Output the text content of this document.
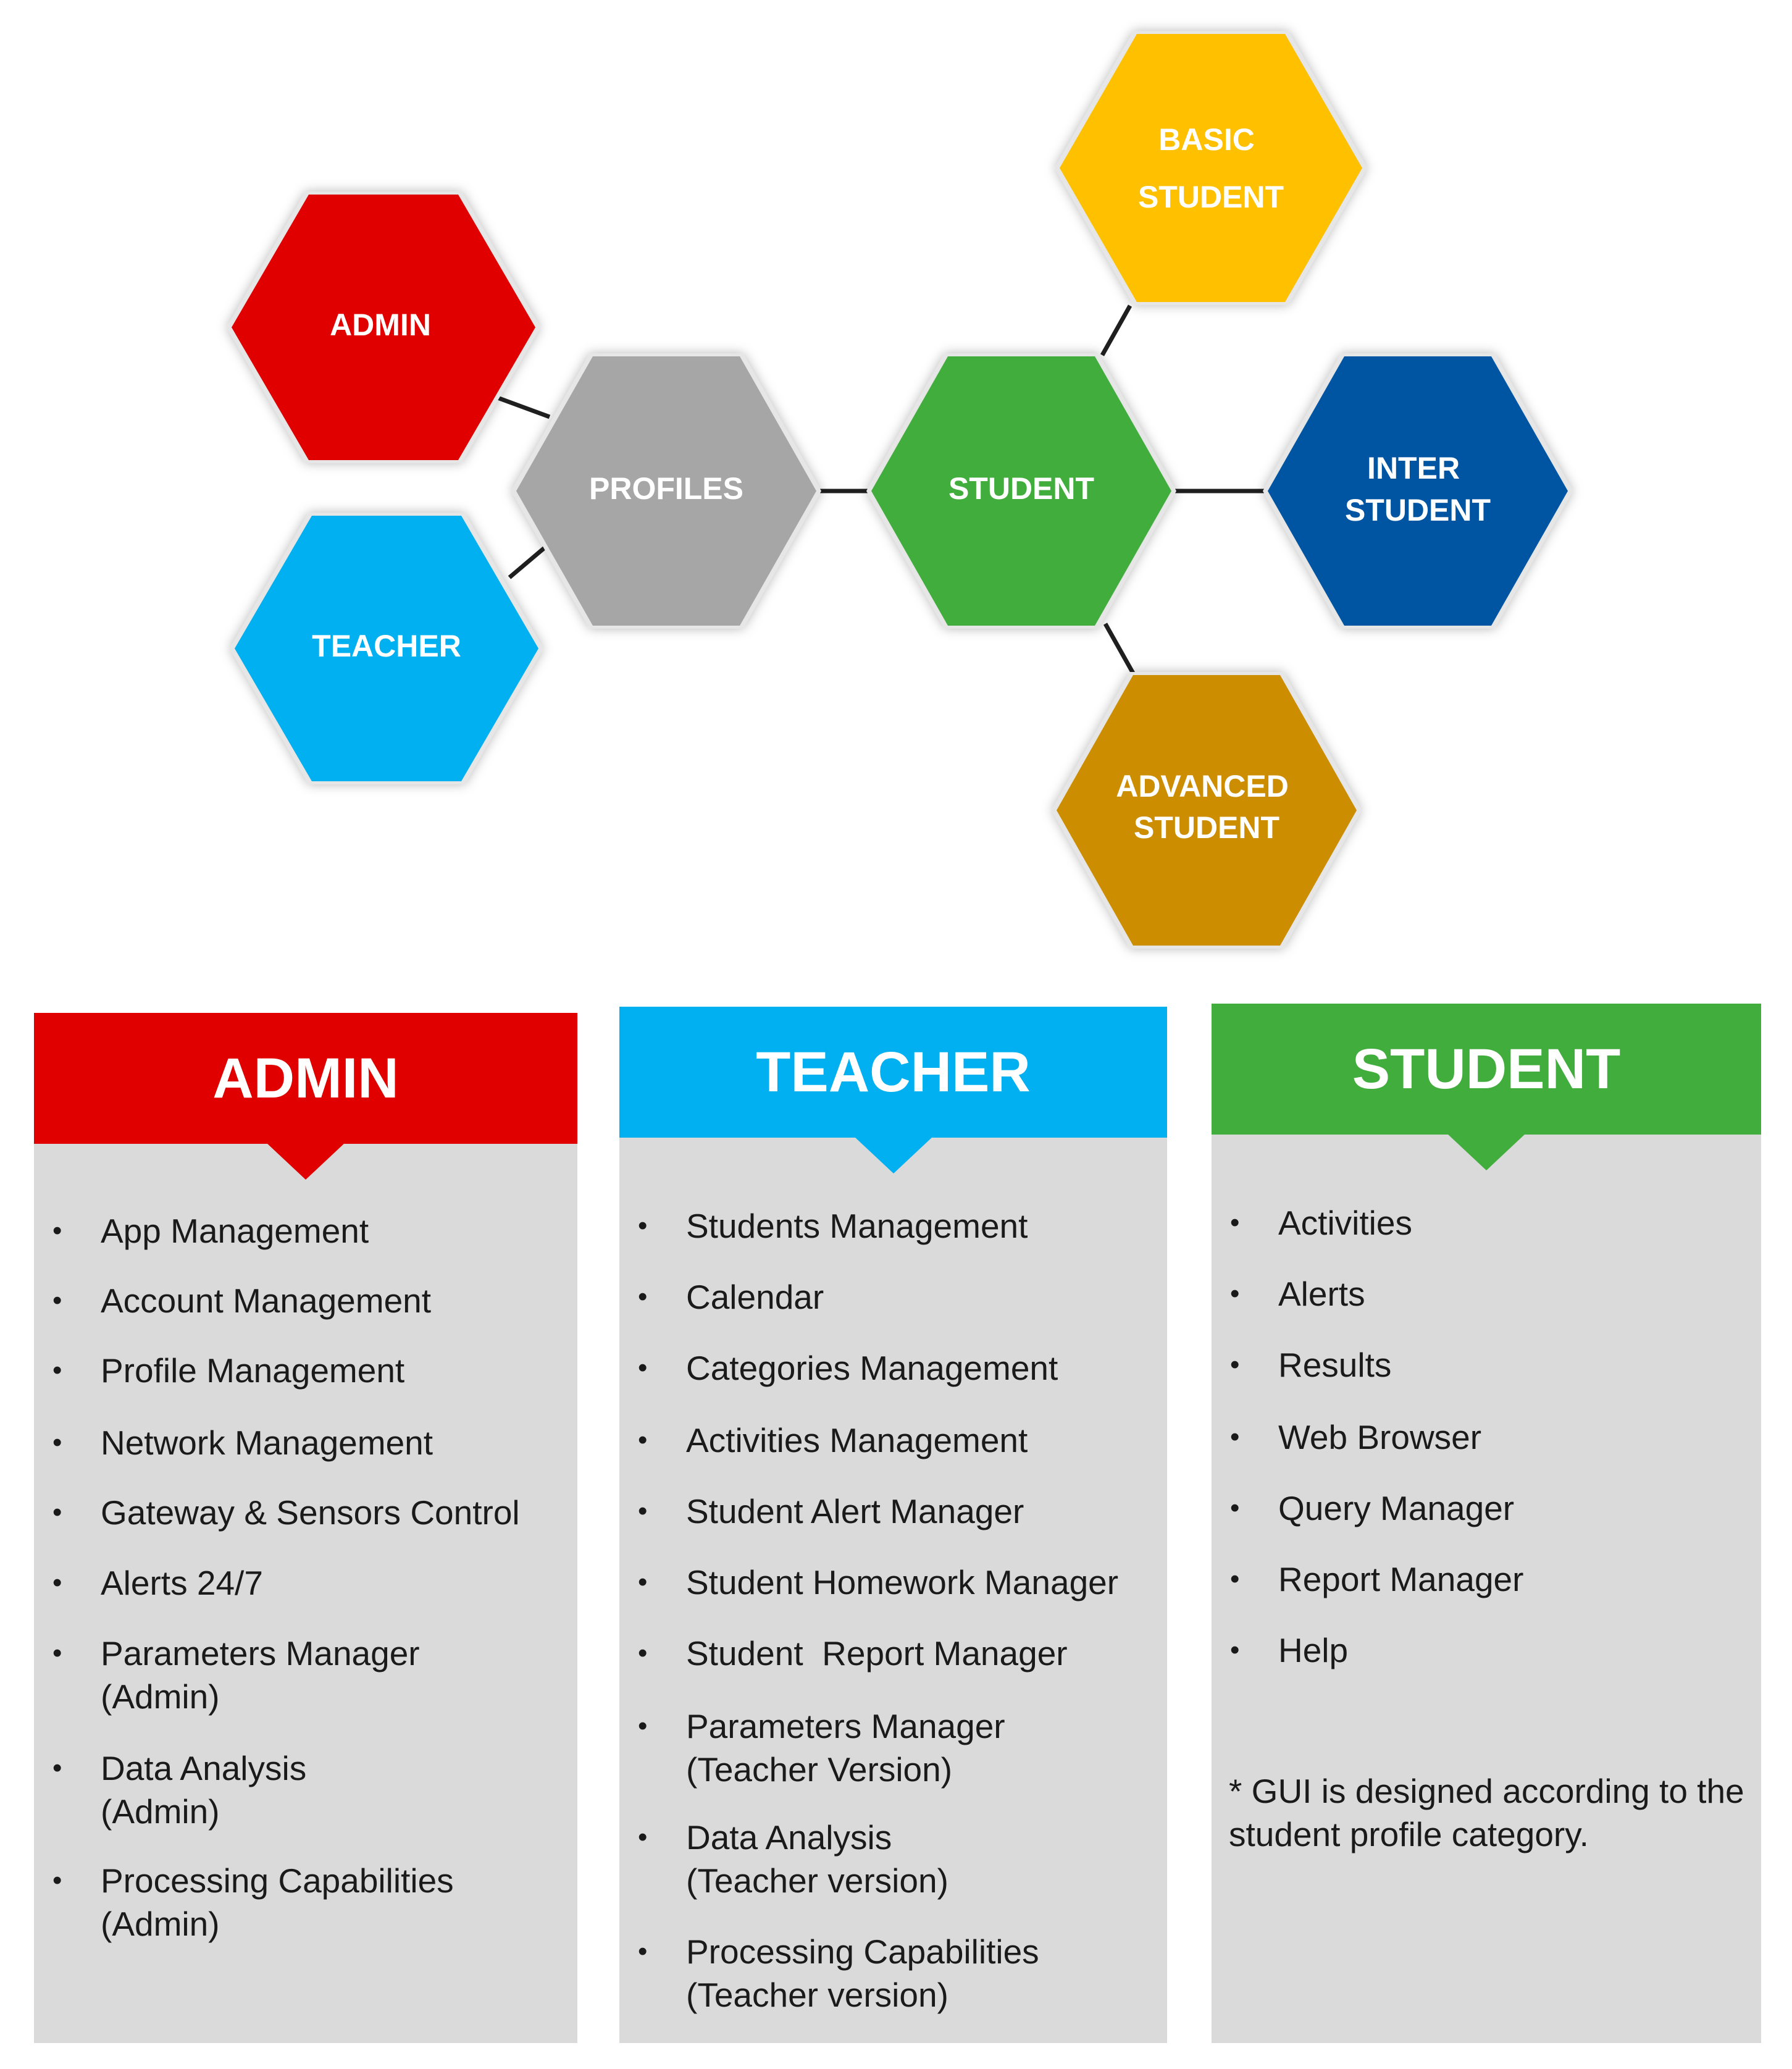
ADMIN
TEACHER
PROFILES	STUDENT
BASIC STUDENT
INTER STUDENT
ADVANCED STUDENT
ADMIN
• App Management
• Account Management
• Profile Management
• Network Management
• Gateway & Sensors Control
• Alerts 24/7
• Parameters Manager
(Admin)
• Data Analysis
(Admin)
• Processing Capabilities
(Admin)
TEACHER
• Students Management
• Calendar
• Categories Management
• Activities Management
• Student Alert Manager
• Student Homework Manager
• Student  Report Manager
• Parameters Manager
(Teacher Version)
• Data Analysis
(Teacher version)
• Processing Capabilities
(Teacher version)
STUDENT
• Activities
• Alerts
• Results
• Web Browser
• Query Manager
• Report Manager
• Help
* GUI is designed according to the student profile category.
